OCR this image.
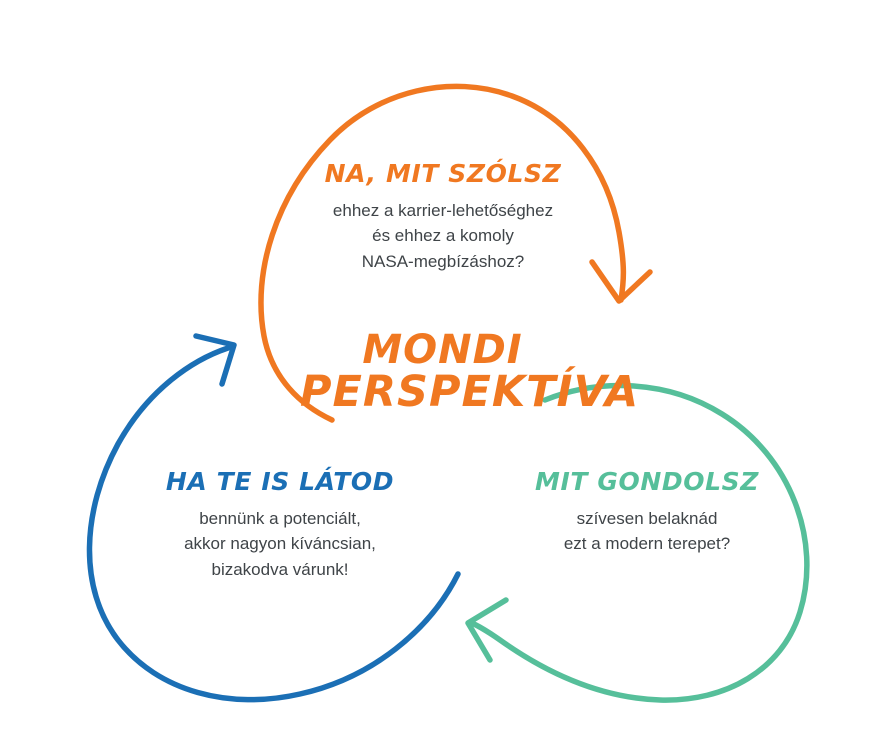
MONDI
PERSPEKTÍVA
NA, MIT SZÓLSZ
ehhez a karrier-lehetőséghez
és ehhez a komoly
NASA-megbízáshoz?
MIT GONDOLSZ
szívesen belaknád
ezt a modern terepet?
HA TE IS LÁTOD
bennünk a potenciált,
akkor nagyon kíváncsian,
bizakodva várunk!
